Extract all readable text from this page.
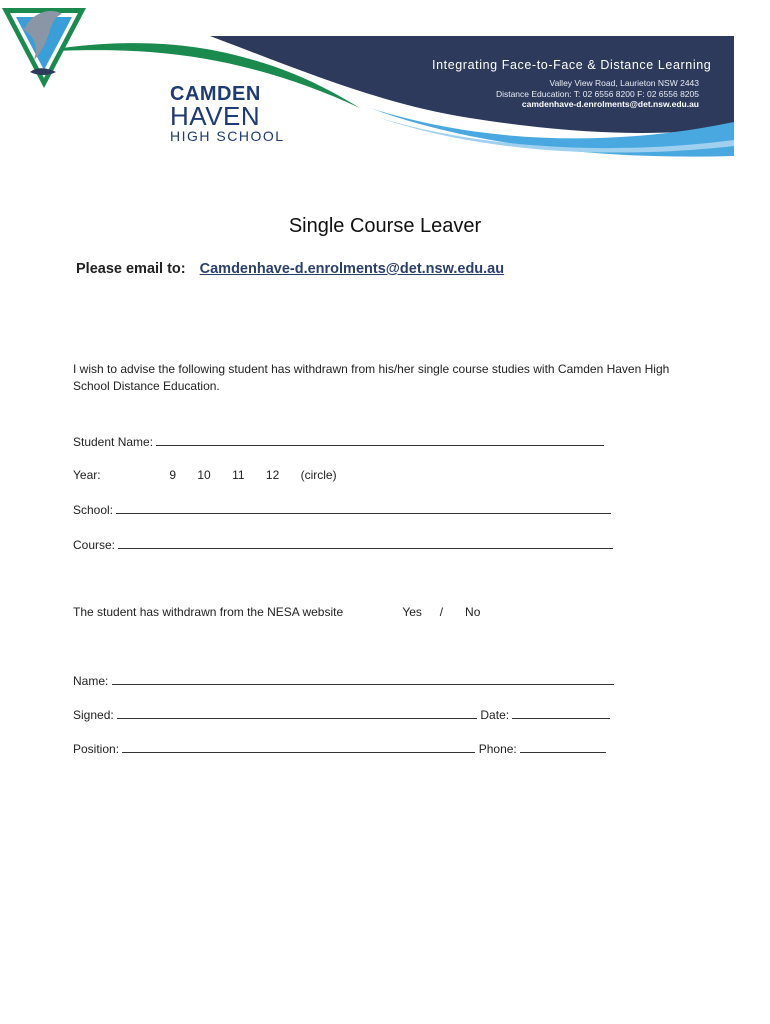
Aim for the Highest	CAMDEN
HAVEN
HIGH SCHOOL
Integrating Face-to-Face & Distance Learning
Valley View Road, Laurieton NSW 2443
Distance Education: T: 02 6556 8200 F: 02 6556 8205
camdenhave-d.enrolments@det.nsw.edu.au
Single Course Leaver
Please email to: Camdenhave-d.enrolments@det.nsw.edu.au
I wish to advise the following student has withdrawn from his/her single course studies with Camden Haven High School Distance Education.
Student Name:
Year:	9 10 11 12 (circle)
School:
Course:
The student has withdrawn from the NESA website	Yes / No
Name:
Signed:	Date:
Position:	Phone:
